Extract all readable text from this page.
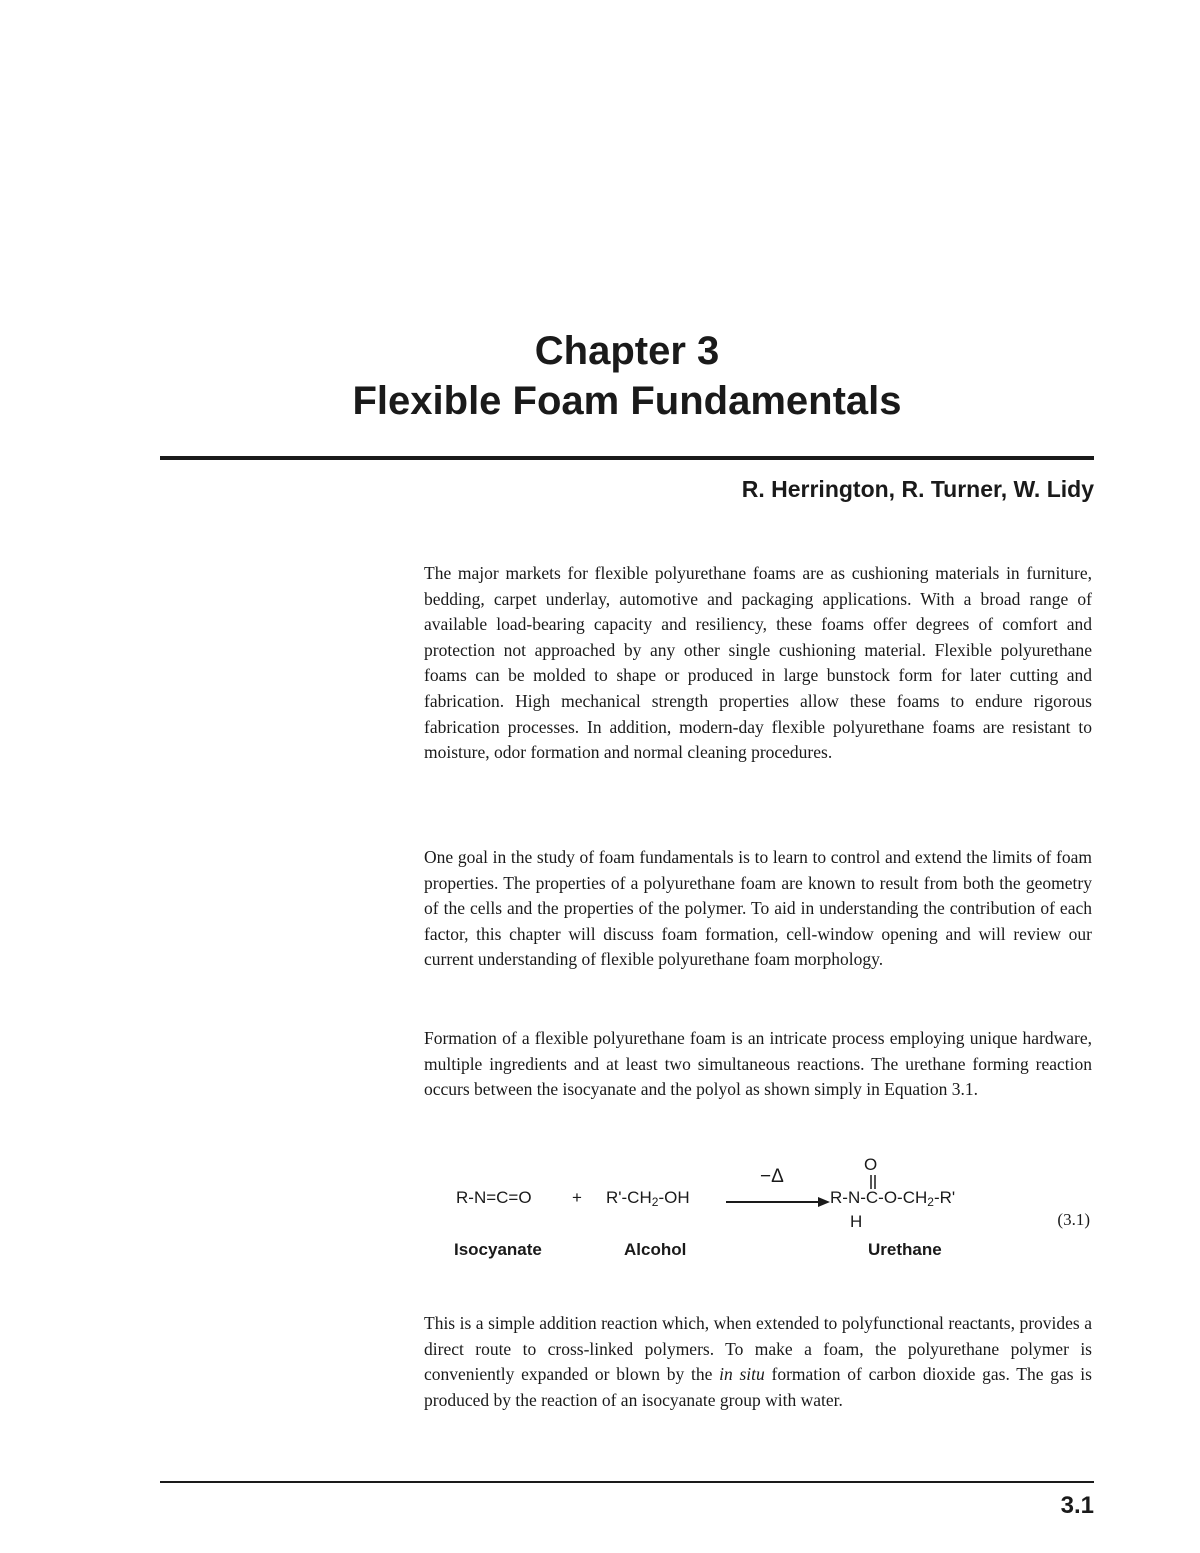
Chapter 3
Flexible Foam Fundamentals
R. Herrington, R. Turner, W. Lidy

The major markets for flexible polyurethane foams are as cushioning materials in furniture, bedding, carpet underlay, automotive and packaging applications. With a broad range of available load-bearing capacity and resiliency, these foams offer degrees of comfort and protection not approached by any other single cushioning material. Flexible polyurethane foams can be molded to shape or produced in large bunstock form for later cutting and fabrication. High mechanical strength properties allow these foams to endure rigorous fabrication processes. In addition, modern-day flexible polyurethane foams are resistant to moisture, odor formation and normal cleaning procedures.

One goal in the study of foam fundamentals is to learn to control and extend the limits of foam properties. The properties of a polyurethane foam are known to result from both the geometry of the cells and the properties of the polymer. To aid in understanding the contribution of each factor, this chapter will discuss foam formation, cell-window opening and will review our current understanding of flexible polyurethane foam morphology.

Formation of a flexible polyurethane foam is an intricate process employing unique hardware, multiple ingredients and at least two simultaneous reactions. The urethane forming reaction occurs between the isocyanate and the polyol as shown simply in Equation 3.1.

$R-N=C=O + R'-CH_2-OH$
−Δ
O
$R-N-C-O-CH_2-R'$
H
Isocyanate	Alcohol	Urethane
(3.1)

This is a simple addition reaction which, when extended to polyfunctional reactants, provides a direct route to cross-linked polymers. To make a foam, the polyurethane polymer is conveniently expanded or blown by the in situ formation of carbon dioxide gas. The gas is produced by the reaction of an isocyanate group with water.

3.1
